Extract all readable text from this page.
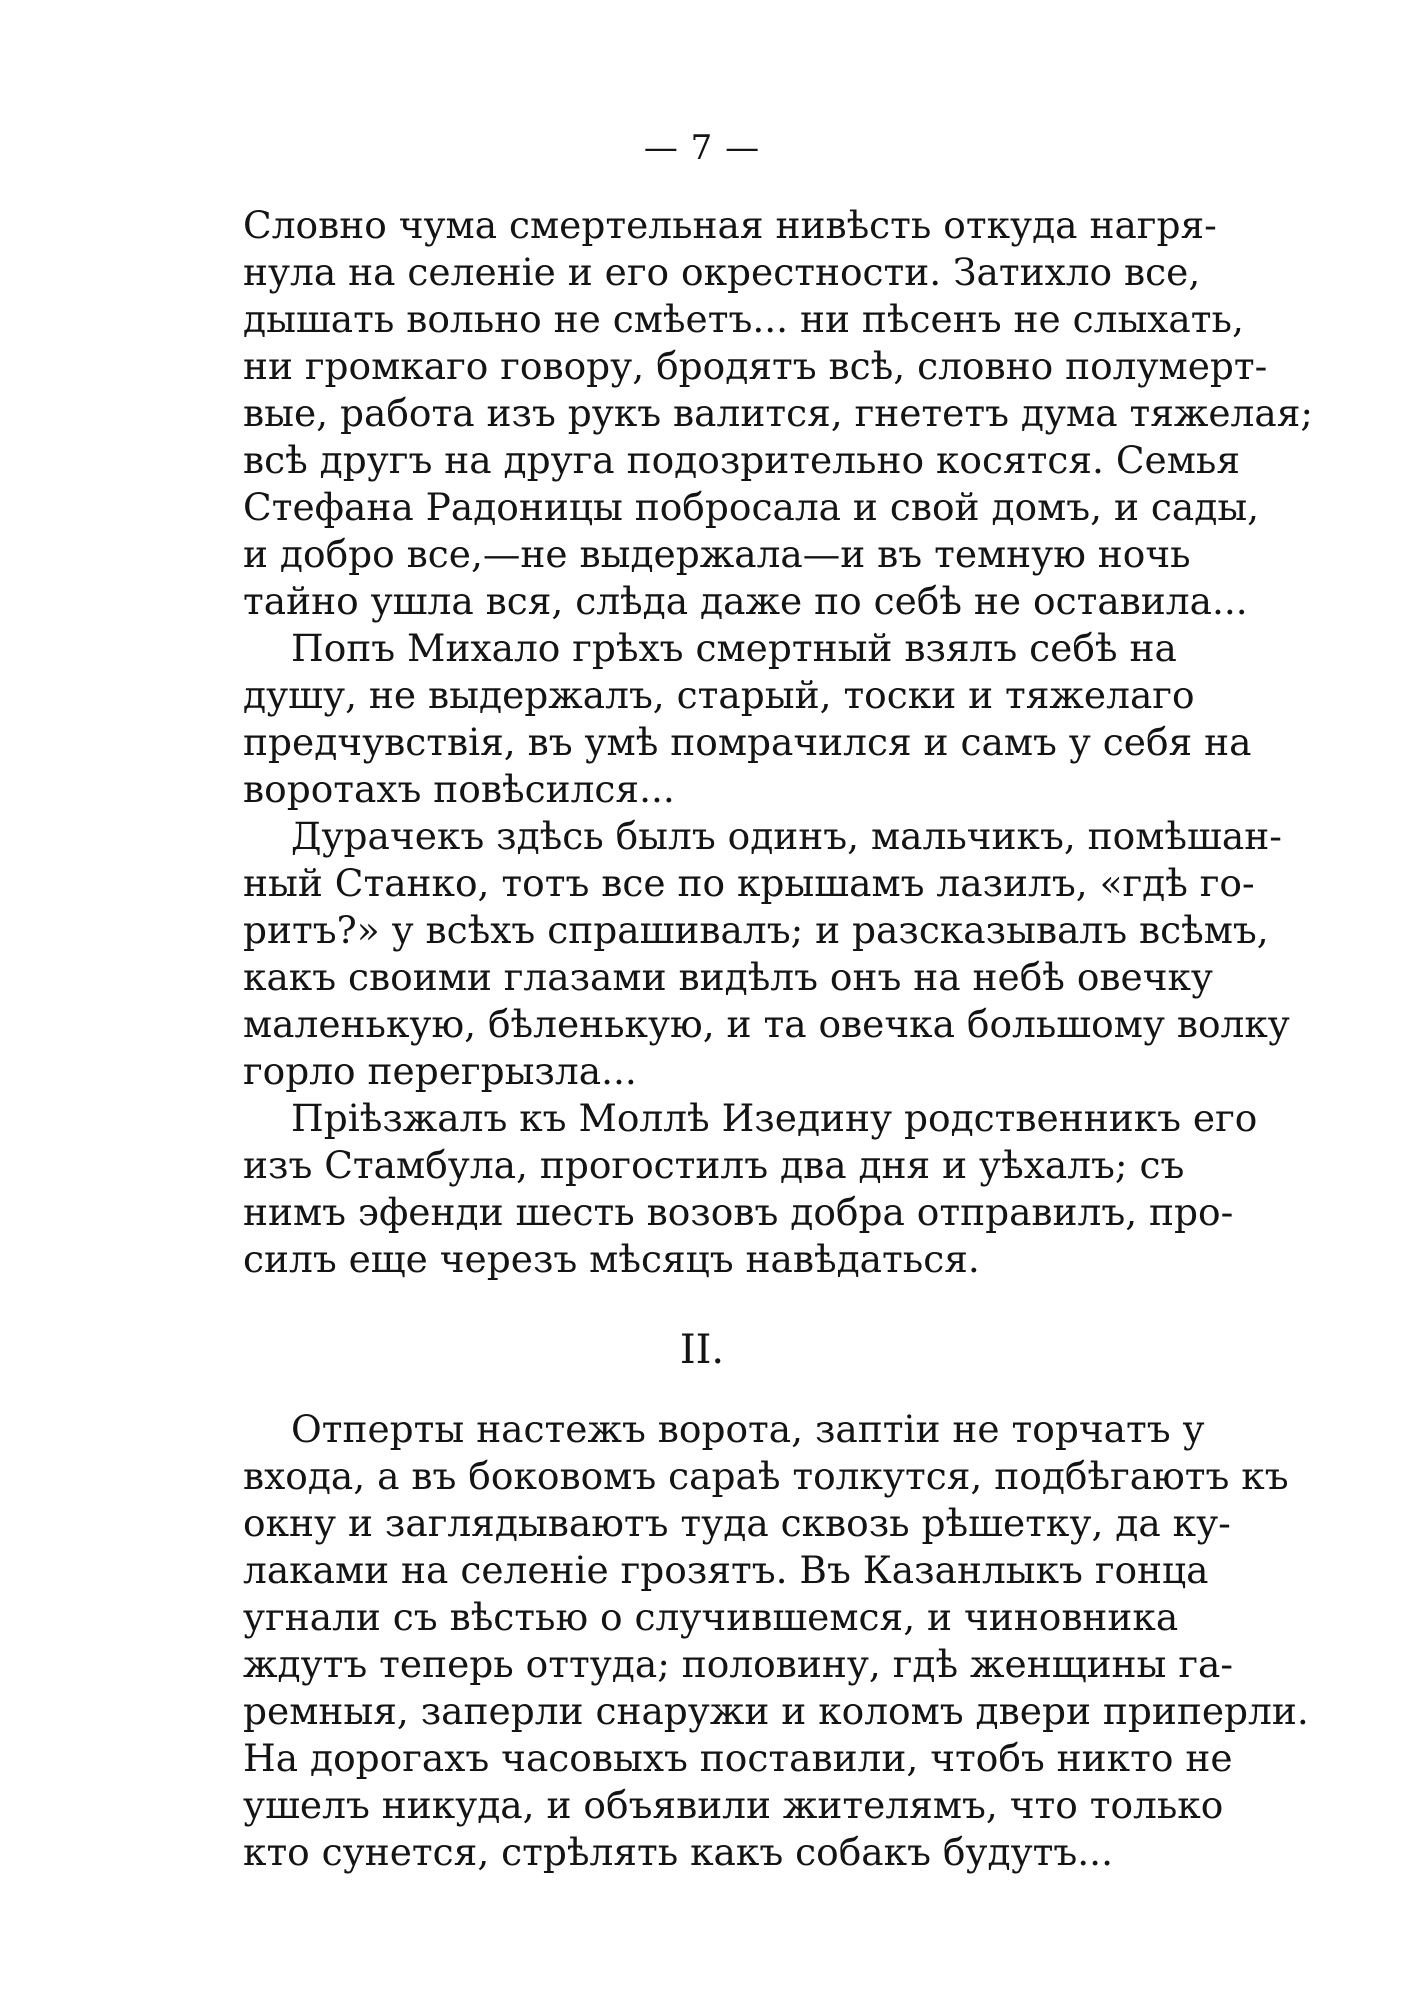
— 7 —
Словно чума смертельная нивѣсть откуда нагря-
нула на селеніе и его окрестности. Затихло все,
дышать вольно не смѣетъ... ни пѣсенъ не слыхать,
ни громкаго говору, бродятъ всѣ, словно полумерт-
выe, работа изъ рукъ валится, гнететъ дума тяжелая;
всѣ другъ на друга подозрительно косятся. Семья
Стефана Радоницы побросала и свой домъ, и сады,
и добро все,—не выдержала—и въ темную ночь
тайно ушла вся, слѣда даже по себѣ не оставила...
Попъ Михало грѣхъ смертный взялъ себѣ на
душу, не выдержалъ, старый, тоски и тяжелаго
предчувствія, въ умѣ помрачился и самъ у себя на
воротахъ повѣсился...
Дурачекъ здѣсь былъ одинъ, мальчикъ, помѣшан-
ный Станко, тотъ все по крышамъ лазилъ, «гдѣ го-
ритъ?» у всѣхъ спрашивалъ; и разсказывалъ всѣмъ,
какъ своими глазами видѣлъ онъ на небѣ овечку
маленькую, бѣленькую, и та овечка большому волку
горло перегрызла...
Пріѣзжалъ къ Моллѣ Изедину родственникъ его
изъ Стамбула, прогостилъ два дня и уѣхалъ; съ
нимъ эфенди шесть возовъ добра отправилъ, про-
силъ еще черезъ мѣсяцъ навѣдаться.
II.
Отперты настежъ ворота, заптіи не торчатъ у
входа, а въ боковомъ сараѣ толкутся, подбѣгаютъ къ
окну и заглядываютъ туда сквозь рѣшетку, да ку-
лаками на селеніе грозятъ. Въ Казанлыкъ гонца
угнали съ вѣстью о случившемся, и чиновника
ждутъ теперь оттуда; половину, гдѣ женщины га-
ремныя, заперли снаружи и коломъ двери приперли.
На дорогахъ часовыхъ поставили, чтобъ никто не
ушелъ никуда, и объявили жителямъ, что только
кто сунется, стрѣлять какъ собакъ будутъ...
